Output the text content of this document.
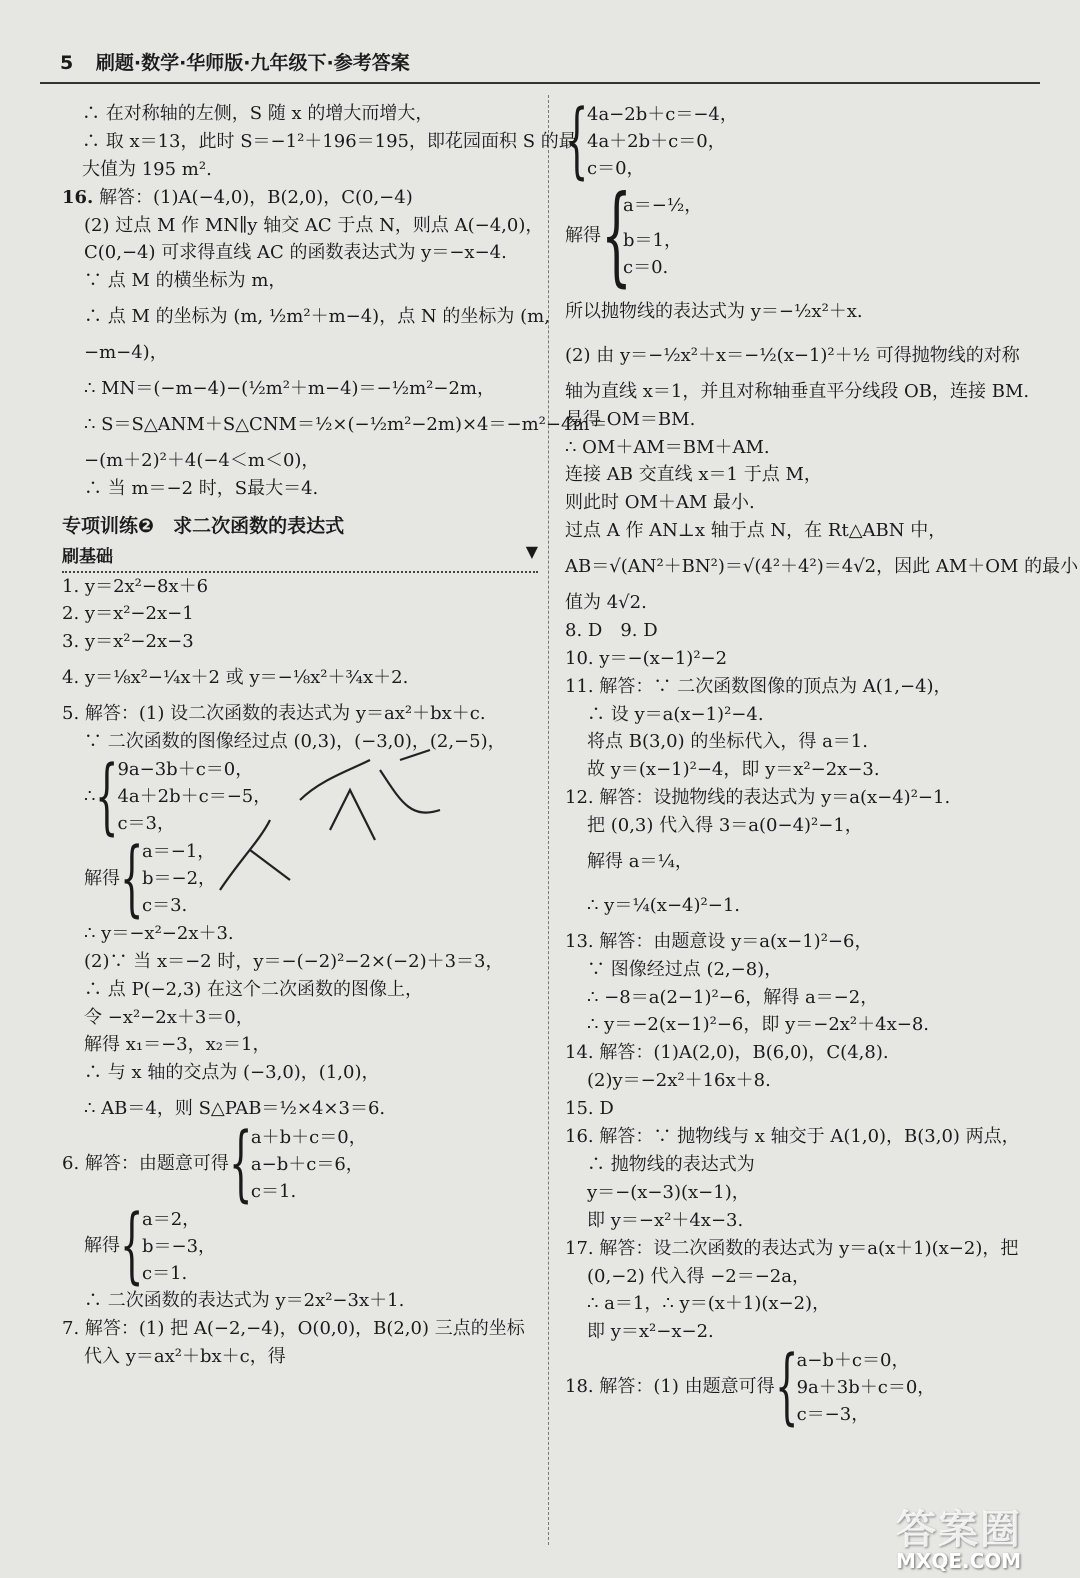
5 刷题·数学·华师版·九年级下·参考答案
∴ 在对称轴的左侧，S 随 x 的增大而增大，
∴ 取 x＝13，此时 S＝−1²＋196＝195，即花园面积 S 的最
大值为 195 m².
16. 解答：(1)A(−4,0)，B(2,0)，C(0,−4)
(2) 过点 M 作 MN∥y 轴交 AC 于点 N，则点 A(−4,0)，
C(0,−4) 可求得直线 AC 的函数表达式为 y＝−x−4.
∵ 点 M 的横坐标为 m，
∴ 点 M 的坐标为 (m, ½m²＋m−4)，点 N 的坐标为 (m,
−m−4)，
∴ MN＝(−m−4)−(½m²＋m−4)＝−½m²−2m，
∴ S＝S△ANM＋S△CNM＝½×(−½m²−2m)×4＝−m²−4m＝
−(m＋2)²＋4(−4＜m＜0)，
∴ 当 m＝−2 时，S最大＝4.
专项训练❷　求二次函数的表达式
刷基础	▼
1. y＝2x²−8x＋6
2. y＝x²−2x−1
3. y＝x²−2x−3
4. y＝⅛x²−¼x＋2 或 y＝−⅛x²＋¾x＋2.
5. 解答：(1) 设二次函数的表达式为 y＝ax²＋bx＋c.
∵ 二次函数的图像经过点 (0,3)，(−3,0)，(2,−5)，
∴ {
9a−3b＋c＝0，
4a＋2b＋c＝−5，
c＝3，
解得 {
a＝−1，
b＝−2，
c＝3.
∴ y＝−x²−2x＋3.
(2)∵ 当 x＝−2 时，y＝−(−2)²−2×(−2)＋3＝3，
∴ 点 P(−2,3) 在这个二次函数的图像上，
令 −x²−2x＋3＝0，
解得 x₁＝−3，x₂＝1，
∴ 与 x 轴的交点为 (−3,0)，(1,0)，
∴ AB＝4，则 S△PAB＝½×4×3＝6.
6. 解答：由题意可得 {
a＋b＋c＝0，
a−b＋c＝6，
c＝1.
解得 {
a＝2，
b＝−3，
c＝1.
∴ 二次函数的表达式为 y＝2x²−3x＋1.
7. 解答：(1) 把 A(−2,−4)，O(0,0)，B(2,0) 三点的坐标
代入 y＝ax²＋bx＋c，得
{
4a−2b＋c＝−4，
4a＋2b＋c＝0，
c＝0，
解得 {
a＝−½，
b＝1，
c＝0.
所以抛物线的表达式为 y＝−½x²＋x.
(2) 由 y＝−½x²＋x＝−½(x−1)²＋½ 可得抛物线的对称
轴为直线 x＝1，并且对称轴垂直平分线段 OB，连接 BM.
易得 OM＝BM.
∴ OM＋AM＝BM＋AM.
连接 AB 交直线 x＝1 于点 M，
则此时 OM＋AM 最小.
过点 A 作 AN⊥x 轴于点 N，在 Rt△ABN 中，
AB＝√(AN²＋BN²)＝√(4²＋4²)＝4√2，因此 AM＋OM 的最小
值为 4√2.
8. D　9. D
10. y＝−(x−1)²−2
11. 解答：∵ 二次函数图像的顶点为 A(1,−4)，
∴ 设 y＝a(x−1)²−4.
将点 B(3,0) 的坐标代入，得 a＝1.
故 y＝(x−1)²−4，即 y＝x²−2x−3.
12. 解答：设抛物线的表达式为 y＝a(x−4)²−1.
把 (0,3) 代入得 3＝a(0−4)²−1，
解得 a＝¼，
∴ y＝¼(x−4)²−1.
13. 解答：由题意设 y＝a(x−1)²−6，
∵ 图像经过点 (2,−8)，
∴ −8＝a(2−1)²−6，解得 a＝−2，
∴ y＝−2(x−1)²−6，即 y＝−2x²＋4x−8.
14. 解答：(1)A(2,0)，B(6,0)，C(4,8).
(2)y＝−2x²＋16x＋8.
15. D
16. 解答：∵ 抛物线与 x 轴交于 A(1,0)，B(3,0) 两点，
∴ 抛物线的表达式为
y＝−(x−3)(x−1)，
即 y＝−x²＋4x−3.
17. 解答：设二次函数的表达式为 y＝a(x＋1)(x−2)，把
(0,−2) 代入得 −2＝−2a，
∴ a＝1，∴ y＝(x＋1)(x−2)，
即 y＝x²−x−2.
18. 解答：(1) 由题意可得 {
a−b＋c＝0，
9a＋3b＋c＝0，
c＝−3，
答案圈
MXQE.COM
